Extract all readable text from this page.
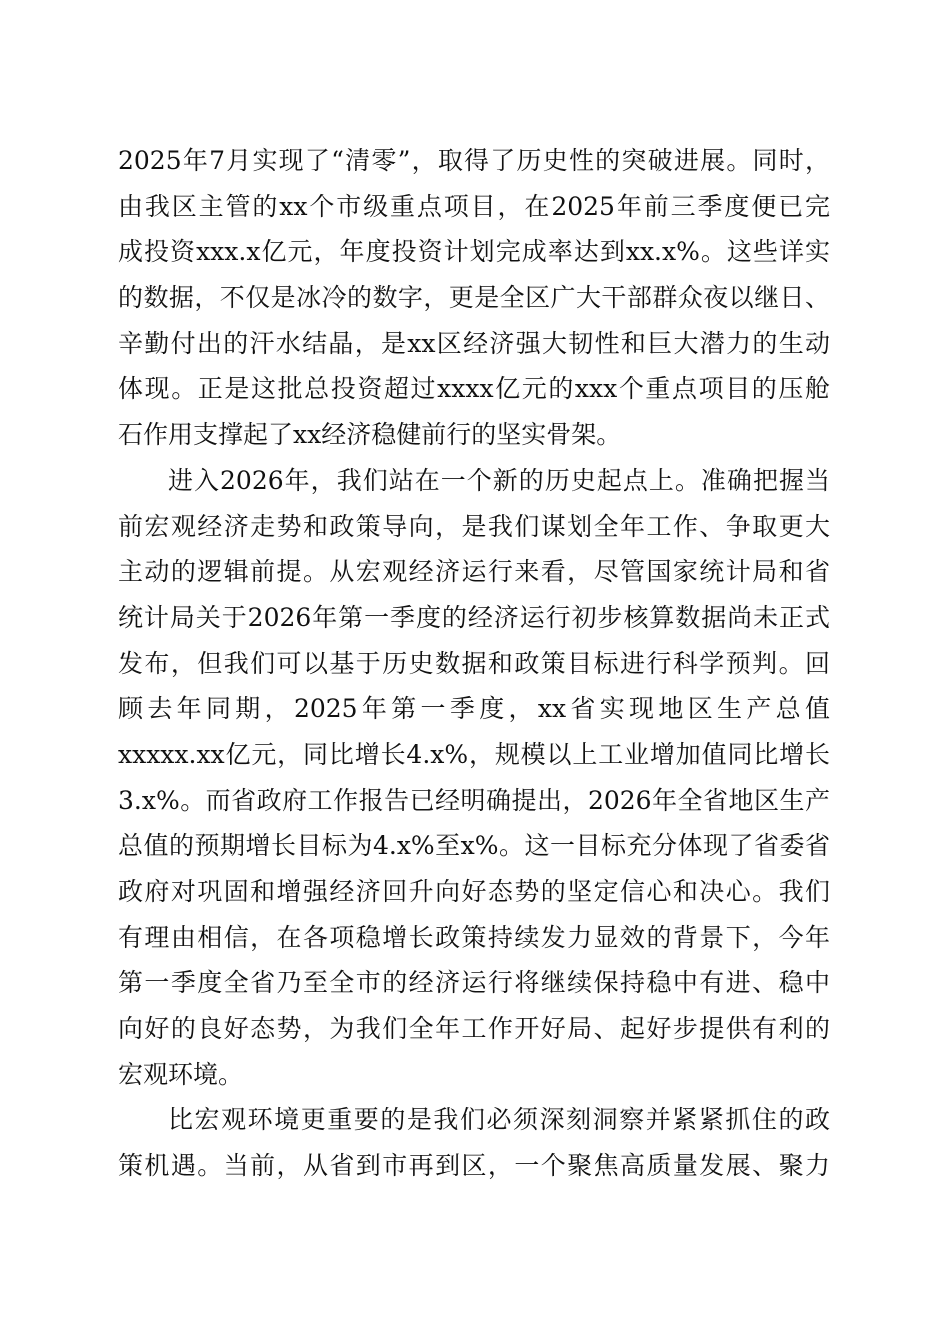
2025年7月实现了“清零”，取得了历史性的突破进展。同时，
由我区主管的xx个市级重点项目，在2025年前三季度便已完
成投资xxx.x亿元，年度投资计划完成率达到xx.x%。这些详实
的数据，不仅是冰冷的数字，更是全区广大干部群众夜以继日、
辛勤付出的汗水结晶，是xx区经济强大韧性和巨大潜力的生动
体现。正是这批总投资超过xxxx亿元的xxx个重点项目的压舱
石作用支撑起了xx经济稳健前行的坚实骨架。
进入2026年，我们站在一个新的历史起点上。准确把握当
前宏观经济走势和政策导向，是我们谋划全年工作、争取更大
主动的逻辑前提。从宏观经济运行来看，尽管国家统计局和省
统计局关于2026年第一季度的经济运行初步核算数据尚未正式
发布，但我们可以基于历史数据和政策目标进行科学预判。回
顾去年同期，2025年第一季度，xx省实现地区生产总值
xxxxx.xx亿元，同比增长4.x%，规模以上工业增加值同比增长
3.x%。而省政府工作报告已经明确提出，2026年全省地区生产
总值的预期增长目标为4.x%至x%。这一目标充分体现了省委省
政府对巩固和增强经济回升向好态势的坚定信心和决心。我们
有理由相信，在各项稳增长政策持续发力显效的背景下，今年
第一季度全省乃至全市的经济运行将继续保持稳中有进、稳中
向好的良好态势，为我们全年工作开好局、起好步提供有利的
宏观环境。
比宏观环境更重要的是我们必须深刻洞察并紧紧抓住的政
策机遇。当前，从省到市再到区，一个聚焦高质量发展、聚力
